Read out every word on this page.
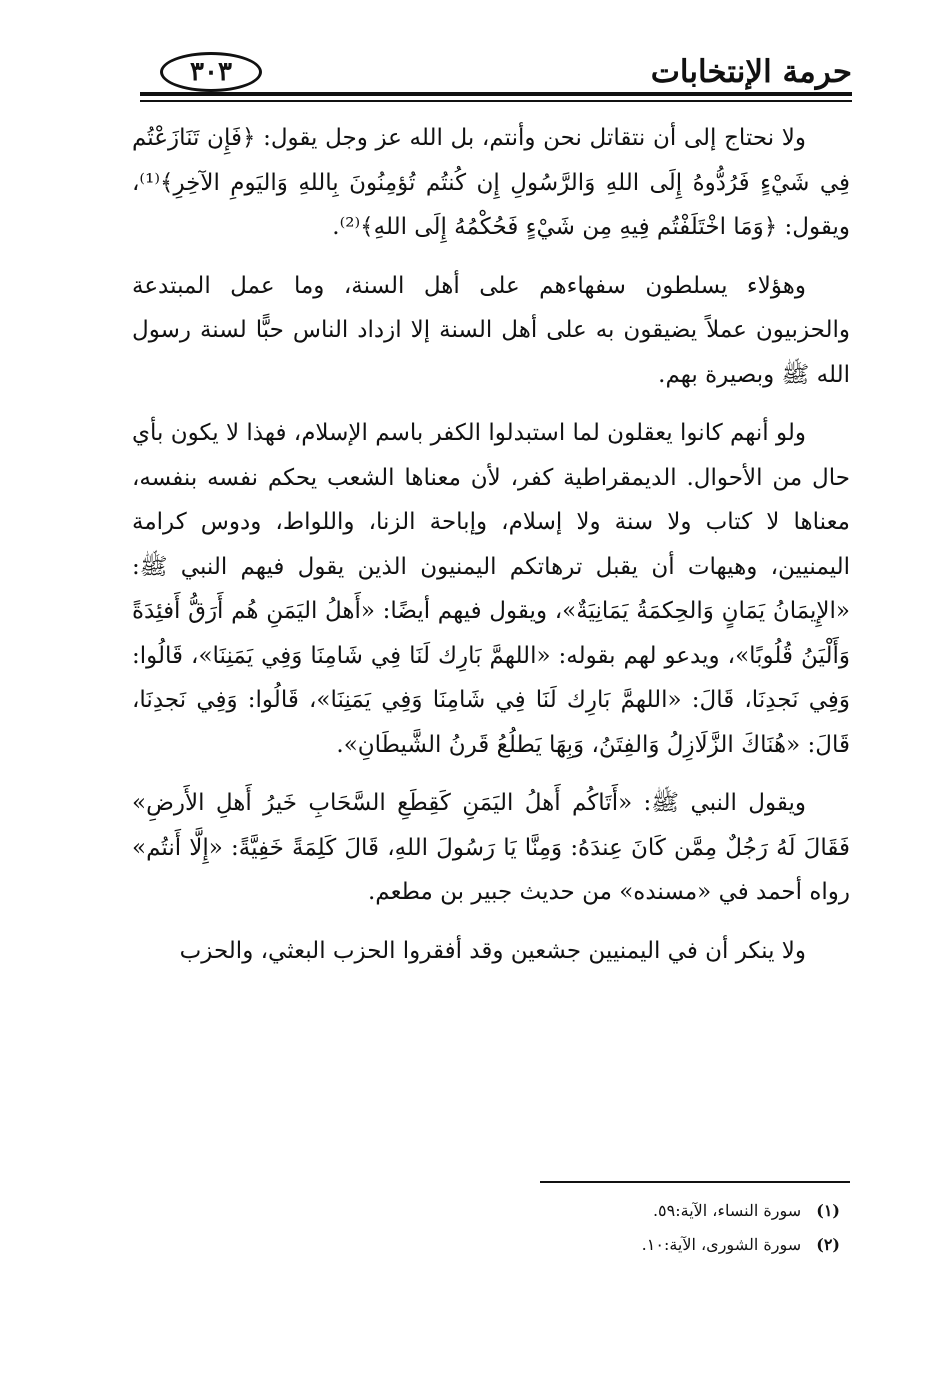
حرمة الإنتخابات
٣٠٣

ولا نحتاج إلى أن نتقاتل نحن وأنتم، بل الله عز وجل يقول: ﴿فَإِن تَنَازَعْتُم فِي شَيْءٍ فَرُدُّوهُ إِلَى اللهِ وَالرَّسُولِ إِن كُنتُم تُؤمِنُونَ بِاللهِ وَاليَومِ الآخِرِ﴾⁽¹⁾، ويقول: ﴿وَمَا اخْتَلَفْتُم فِيهِ مِن شَيْءٍ فَحُكْمُهُ إِلَى اللهِ﴾⁽²⁾.

وهؤلاء يسلطون سفهاءهم على أهل السنة، وما عمل المبتدعة والحزبيون عملاً يضيقون به على أهل السنة إلا ازداد الناس حبًّا لسنة رسول الله ﷺ وبصيرة بهم.

ولو أنهم كانوا يعقلون لما استبدلوا الكفر باسم الإسلام، فهذا لا يكون بأي حال من الأحوال. الديمقراطية كفر، لأن معناها الشعب يحكم نفسه بنفسه، معناها لا كتاب ولا سنة ولا إسلام، وإباحة الزنا، واللواط، ودوس كرامة اليمنيين، وهيهات أن يقبل ترهاتكم اليمنيون الذين يقول فيهم النبي ﷺ: «الإِيمَانُ يَمَانٍ وَالحِكمَةُ يَمَانِيَةٌ»، ويقول فيهم أيضًا: «أَهلُ اليَمَنِ هُم أَرَقُّ أَفئِدَةً وَأَلْيَنُ قُلُوبًا»، ويدعو لهم بقوله: «اللهمَّ بَارِك لَنَا فِي شَامِنَا وَفِي يَمَنِنَا»، قَالُوا: وَفِي نَجدِنَا، قَالَ: «اللهمَّ بَارِك لَنَا فِي شَامِنَا وَفِي يَمَنِنَا»، قَالُوا: وَفِي نَجدِنَا، قَالَ: «هُنَاكَ الزَّلَازِلُ وَالفِتَنُ، وَبِهَا يَطلُعُ قَرنُ الشَّيطَانِ».

ويقول النبي ﷺ: «أَتَاكُم أَهلُ اليَمَنِ كَقِطَعِ السَّحَابِ خَيرُ أَهلِ الأَرضِ» فَقَالَ لَهُ رَجُلٌ مِمَّن كَانَ عِندَهُ: وَمِنَّا يَا رَسُولَ اللهِ، قَالَ كَلِمَةً خَفِيَّةً: «إِلَّا أَنتُم» رواه أحمد في «مسنده» من حديث جبير بن مطعم.

ولا ينكر أن في اليمنيين جشعين وقد أفقروا الحزب البعثي، والحزب

(١) سورة النساء، الآية:٥٩.
(٢) سورة الشورى، الآية:١٠.
